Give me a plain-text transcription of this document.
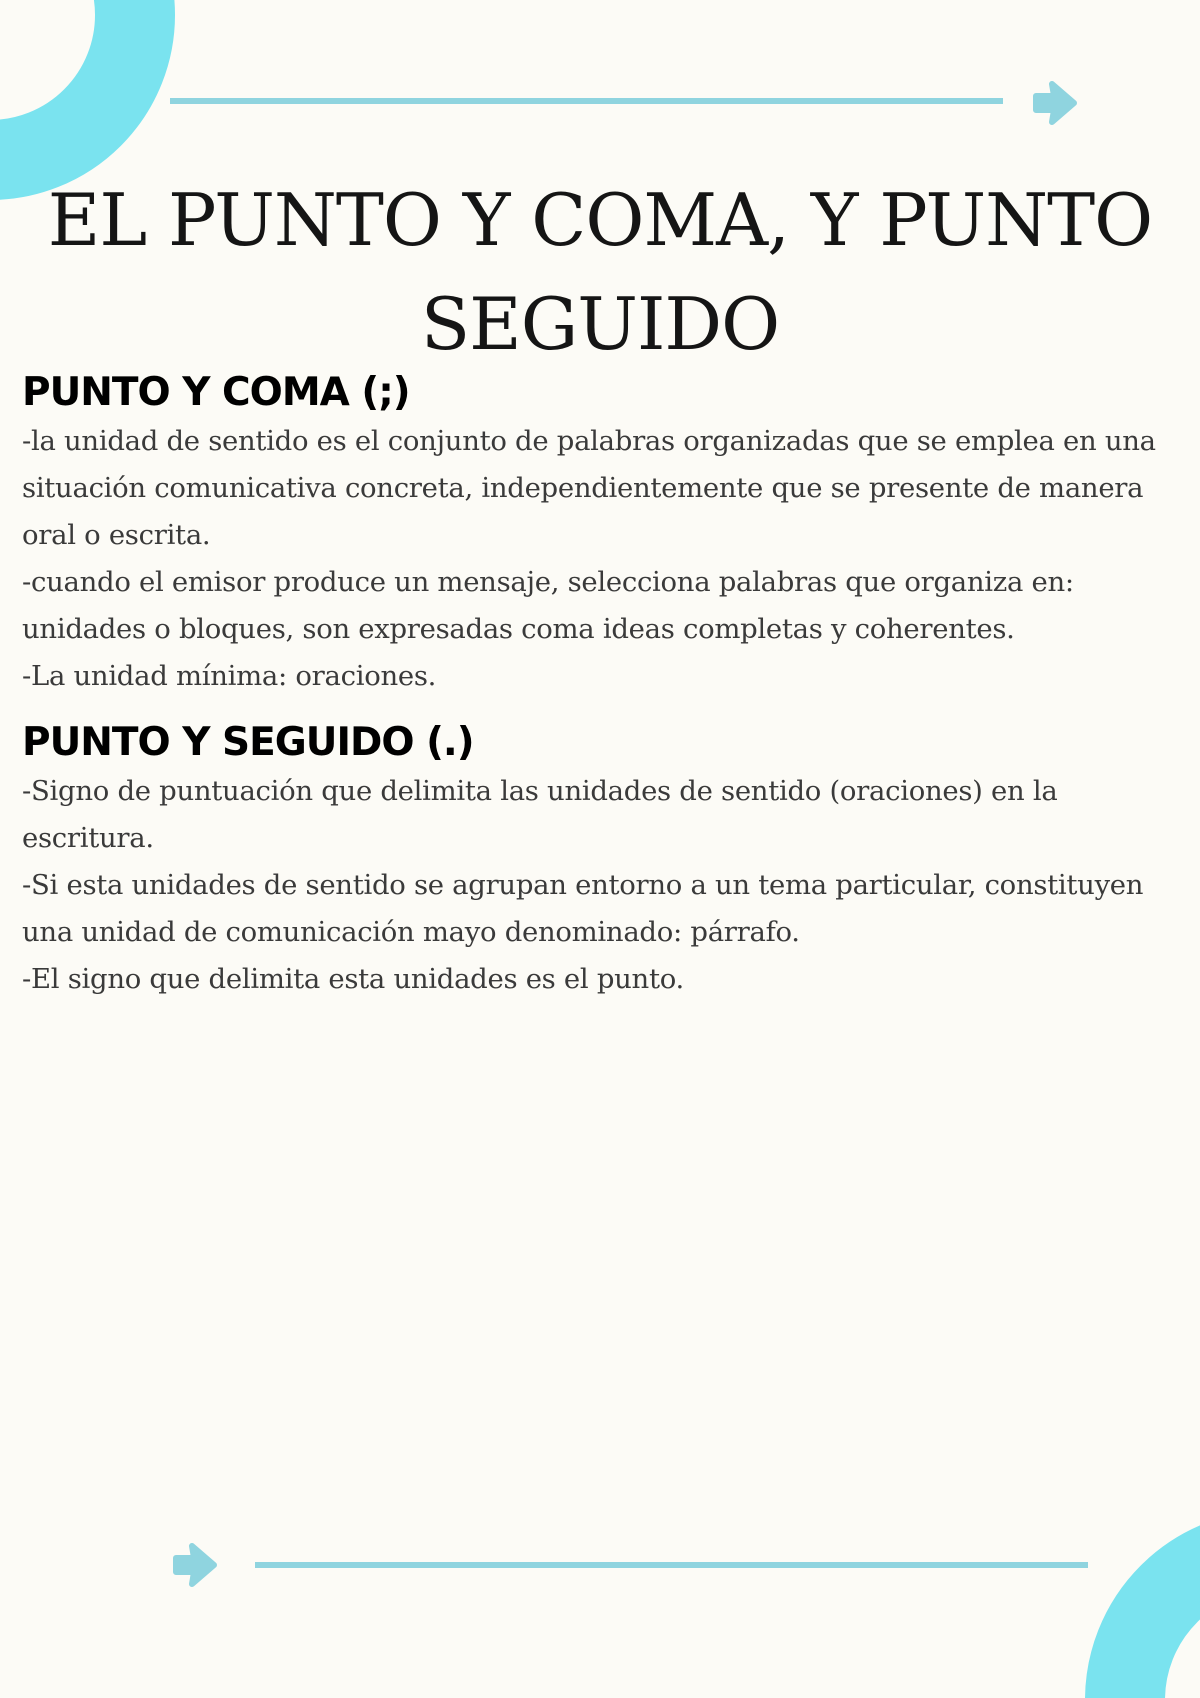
EL PUNTO Y COMA, Y PUNTO
SEGUIDO
PUNTO Y COMA (;)

-la unidad de sentido es el conjunto de palabras organizadas que se emplea en una situación comunicativa concreta, independientemente que se presente de manera oral o escrita.

-cuando el emisor produce un mensaje, selecciona palabras que organiza en: unidades o bloques, son expresadas coma ideas completas y coherentes.

-La unidad mínima: oraciones.

PUNTO Y SEGUIDO (.)

-Signo de puntuación que delimita las unidades de sentido (oraciones) en la escritura.

-Si esta unidades de sentido se agrupan entorno a un tema particular, constituyen una unidad de comunicación mayo denominado: párrafo.

-El signo que delimita esta unidades es el punto.
